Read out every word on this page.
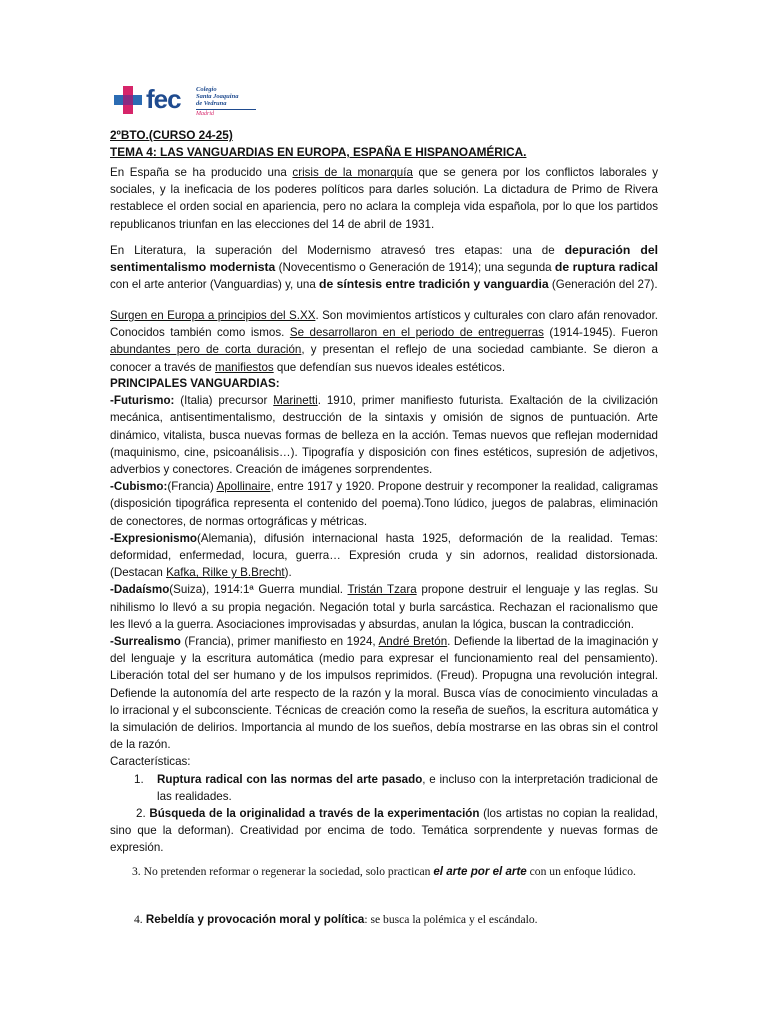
fec Colegio
Santa Joaquina
de Vedruna
Madrid

2ºBTO.(CURSO 24-25)

TEMA 4: LAS VANGUARDIAS EN EUROPA, ESPAÑA E HISPANOAMÉRICA.

En España se ha producido una crisis de la monarquía que se genera por los conflictos laborales y sociales, y la ineficacia de los poderes políticos para darles solución. La dictadura de Primo de Rivera restablece el orden social en apariencia, pero no aclara la compleja vida española, por lo que los partidos republicanos triunfan en las elecciones del 14 de abril de 1931.

En Literatura, la superación del Modernismo atravesó tres etapas: una de depuración del sentimentalismo modernista (Novecentismo o Generación de 1914); una segunda de ruptura radical con el arte anterior (Vanguardias) y, una de síntesis entre tradición y vanguardia (Generación del 27).

Surgen en Europa a principios del S.XX. Son movimientos artísticos y culturales con claro afán renovador. Conocidos también como ismos. Se desarrollaron en el periodo de entreguerras (1914-1945). Fueron abundantes pero de corta duración, y presentan el reflejo de una sociedad cambiante. Se dieron a conocer a través de manifiestos que defendían sus nuevos ideales estéticos.

PRINCIPALES VANGUARDIAS:

-Futurismo: (Italia) precursor Marinetti. 1910, primer manifiesto futurista. Exaltación de la civilización mecánica, antisentimentalismo, destrucción de la sintaxis y omisión de signos de puntuación. Arte dinámico, vitalista, busca nuevas formas de belleza en la acción. Temas nuevos que reflejan modernidad (maquinismo, cine, psicoanálisis…). Tipografía y disposición con fines estéticos, supresión de adjetivos, adverbios y conectores. Creación de imágenes sorprendentes.

-Cubismo:(Francia) Apollinaire, entre 1917 y 1920. Propone destruir y recomponer la realidad, caligramas (disposición tipográfica representa el contenido del poema).Tono lúdico, juegos de palabras, eliminación de conectores, de normas ortográficas y métricas.

-Expresionismo(Alemania), difusión internacional hasta 1925, deformación de la realidad. Temas: deformidad, enfermedad, locura, guerra… Expresión cruda y sin adornos, realidad distorsionada. (Destacan Kafka, Rilke y B.Brecht).

-Dadaísmo(Suiza), 1914:1ª Guerra mundial. Tristán Tzara propone destruir el lenguaje y las reglas. Su nihilismo lo llevó a su propia negación. Negación total y burla sarcástica. Rechazan el racionalismo que les llevó a la guerra. Asociaciones improvisadas y absurdas, anulan la lógica, buscan la contradicción.

-Surrealismo (Francia), primer manifiesto en 1924, André Bretón. Defiende la libertad de la imaginación y del lenguaje y la escritura automática (medio para expresar el funcionamiento real del pensamiento). Liberación total del ser humano y de los impulsos reprimidos. (Freud). Propugna una revolución integral. Defiende la autonomía del arte respecto de la razón y la moral. Busca vías de conocimiento vinculadas a lo irracional y el subconsciente. Técnicas de creación como la reseña de sueños, la escritura automática y la simulación de delirios. Importancia al mundo de los sueños, debía mostrarse en las obras sin el control de la razón.

Características:

1. Ruptura radical con las normas del arte pasado, e incluso con la interpretación tradicional de las realidades.

2. Búsqueda de la originalidad a través de la experimentación (los artistas no copian la realidad, sino que la deforman). Creatividad por encima de todo. Temática sorprendente y nuevas formas de expresión.

3. No pretenden reformar o regenerar la sociedad, solo practican el arte por el arte con un enfoque lúdico.

4. Rebeldía y provocación moral y política: se busca la polémica y el escándalo.
